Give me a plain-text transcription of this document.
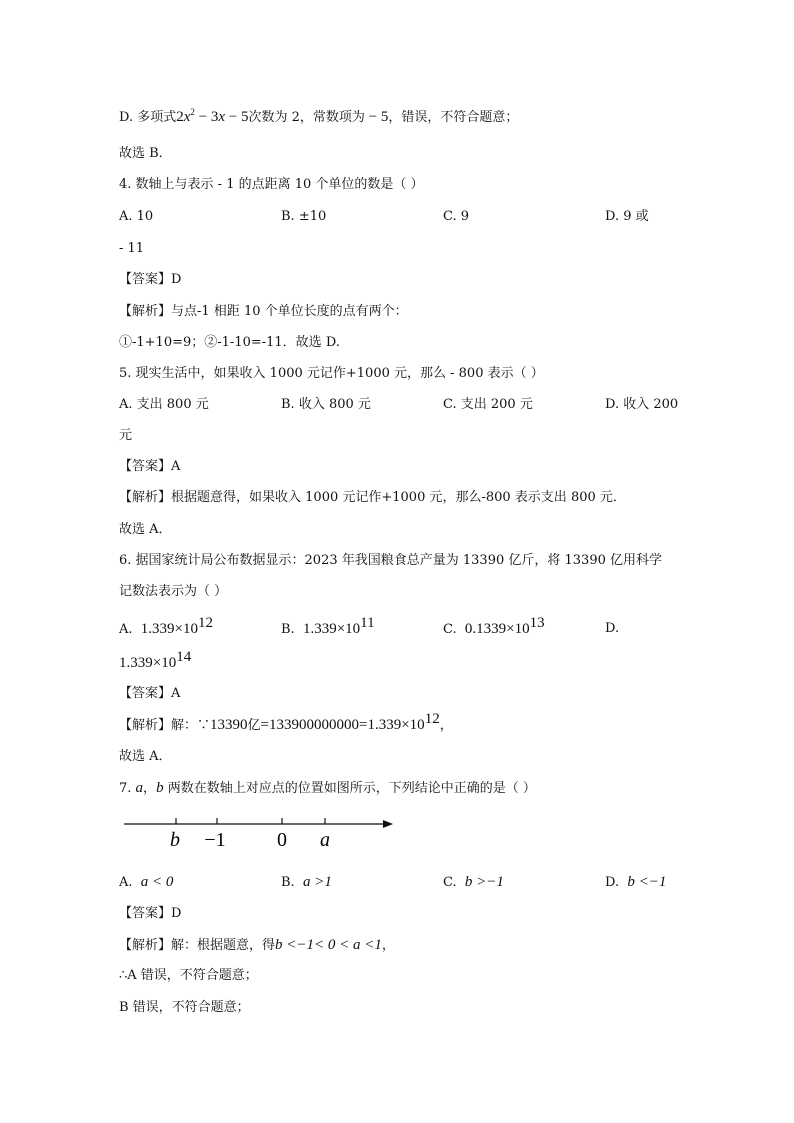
D. 多项式$2x^2 - 3x - 5$次数为 2，常数项为 − 5，错误，不符合题意；
故选 B．
4. 数轴上与表示 - 1 的点距离 10 个单位的数是（ ）
A. 10	B. ±10	C. 9	D. 9 或
- 11
【答案】D
【解析】与点-1 相距 10 个单位长度的点有两个：
①-1+10=9；②-1-10=-11．故选 D.
5. 现实生活中，如果收入 1000 元记作+1000 元，那么 - 800 表示（ ）
A. 支出 800 元	B. 收入 800 元	C. 支出 200 元	D. 收入 200
元
【答案】A
【解析】根据题意得，如果收入 1000 元记作+1000 元，那么-800 表示支出 800 元．
故选 A．
6. 据国家统计局公布数据显示：2023 年我国粮食总产量为 13390 亿斤，将 13390 亿用科学
记数法表示为（ ）
A. $1.339\times 10^{12}$	B. $1.339\times 10^{11}$	C. $0.1339\times 10^{13}$	D.
$1.339\times 10^{14}$
【答案】A
【解析】解：∵13390亿$=133900000000=1.339\times 10^{12}$，
故选 A．
7. a，b 两数在数轴上对应点的位置如图所示，下列结论中正确的是（ ）
b −1	0 a
A. a < 0	B. a >1	C. b >−1	D. b <−1
【答案】D
【解析】解：根据题意，得b <−1< 0 < a <1，
∴A 错误，不符合题意；
B 错误，不符合题意；
